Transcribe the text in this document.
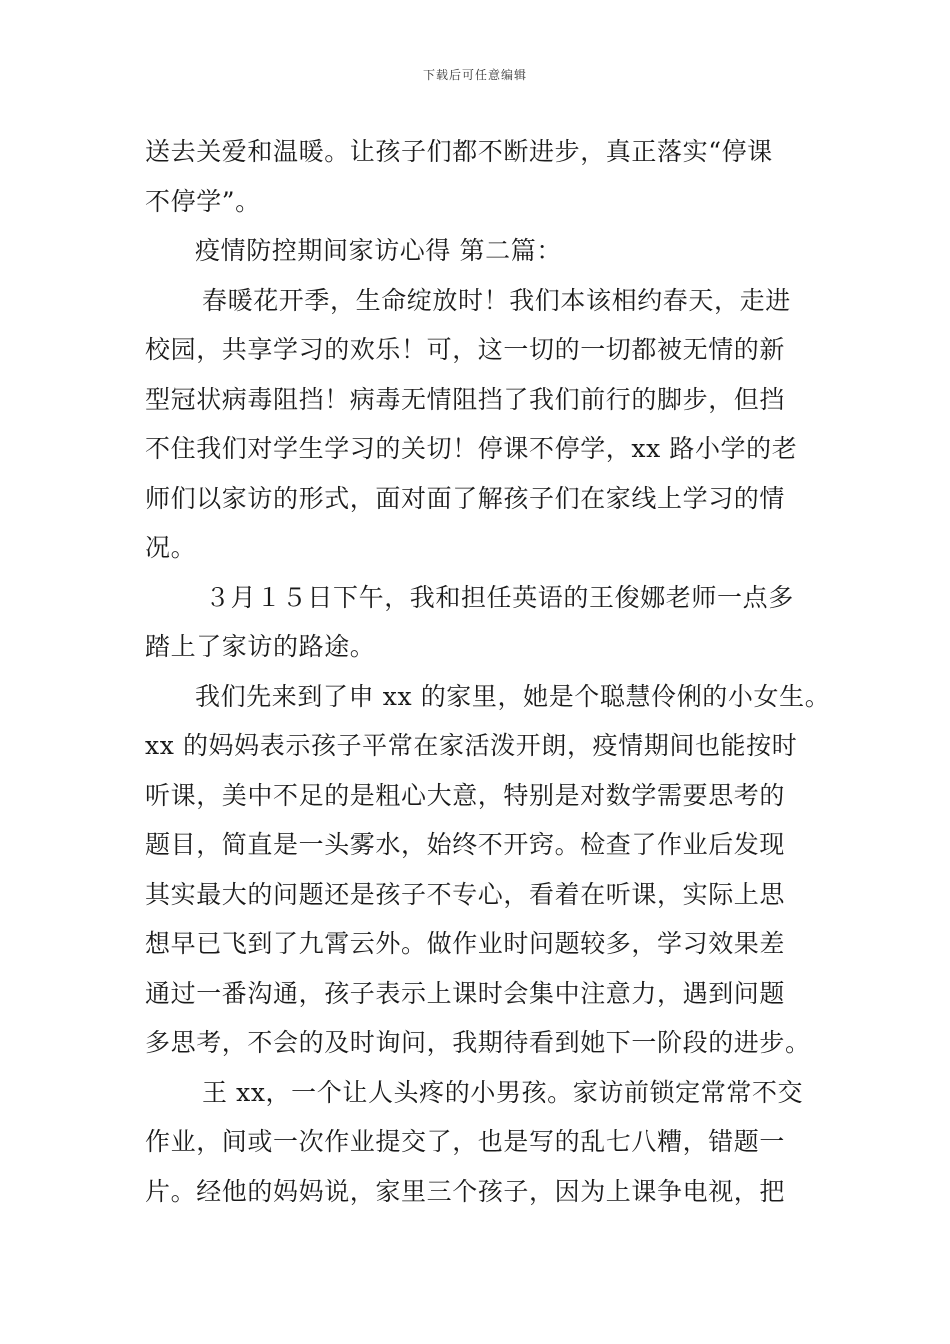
下载后可任意编辑
送去关爱和温暖。让孩子们都不断进步，真正落实“停课
不停学”。
疫情防控期间家访心得 第二篇：
春暖花开季，生命绽放时！我们本该相约春天，走进
校园，共享学习的欢乐！可，这一切的一切都被无情的新
型冠状病毒阻挡！病毒无情阻挡了我们前行的脚步，但挡
不住我们对学生学习的关切！停课不停学，xx 路小学的老
师们以家访的形式，面对面了解孩子们在家线上学习的情
况。
３月１５日下午，我和担任英语的王俊娜老师一点多
踏上了家访的路途。
我们先来到了申 xx 的家里，她是个聪慧伶俐的小女生。
xx 的妈妈表示孩子平常在家活泼开朗，疫情期间也能按时
听课，美中不足的是粗心大意，特别是对数学需要思考的
题目，简直是一头雾水，始终不开窍。检查了作业后发现
其实最大的问题还是孩子不专心，看着在听课，实际上思
想早已飞到了九霄云外。做作业时问题较多，学习效果差
通过一番沟通，孩子表示上课时会集中注意力，遇到问题
多思考，不会的及时询问，我期待看到她下一阶段的进步。
王 xx，一个让人头疼的小男孩。家访前锁定常常不交
作业，间或一次作业提交了，也是写的乱七八糟，错题一
片。经他的妈妈说，家里三个孩子，因为上课争电视，把
